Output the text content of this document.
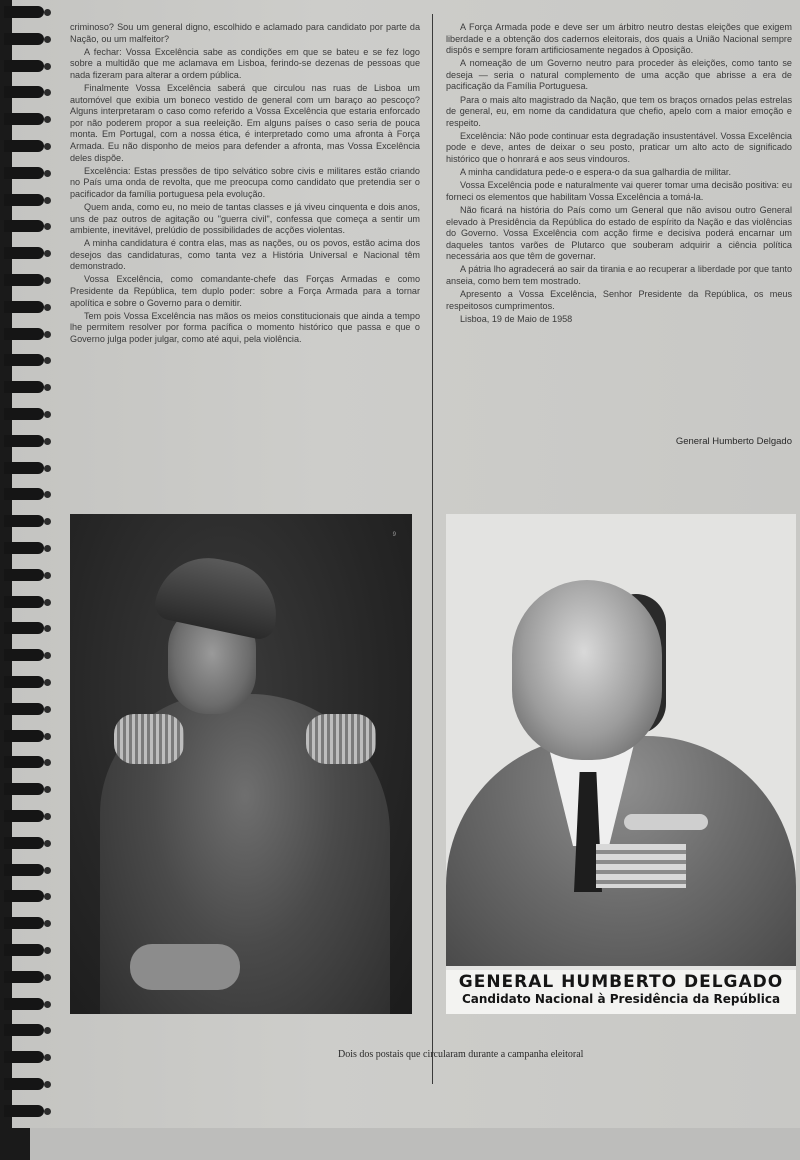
criminoso? Sou um general digno, escolhido e aclamado para candidato por parte da Nação, ou um malfeitor?

A fechar: Vossa Excelência sabe as condições em que se bateu e se fez logo sobre a multidão que me aclamava em Lisboa, ferindo-se dezenas de pessoas que nada fizeram para alterar a ordem pública.

Finalmente Vossa Excelência saberá que circulou nas ruas de Lisboa um automóvel que exibia um boneco vestido de general com um baraço ao pescoço? Alguns interpretaram o caso como referido a Vossa Excelência que estaria enforcado por não poderem propor a sua reeleição. Em alguns países o caso seria de pouca monta. Em Portugal, com a nossa ética, é interpretado como uma afronta à Força Armada. Eu não disponho de meios para defender a afronta, mas Vossa Excelência deles dispõe.

Excelência: Estas pressões de tipo selvático sobre civis e militares estão criando no País uma onda de revolta, que me preocupa como candidato que pretendia ser o pacificador da família portuguesa pela evolução.

Quem anda, como eu, no meio de tantas classes e já viveu cinquenta e dois anos, uns de paz outros de agitação ou "guerra civil", confessa que começa a sentir um ambiente, inevitável, prelúdio de possibilidades de acções violentas.

A minha candidatura é contra elas, mas as nações, ou os povos, estão acima dos desejos das candidaturas, como tanta vez a História Universal e Nacional têm demonstrado.

Vossa Excelência, como comandante-chefe das Forças Armadas e como Presidente da República, tem duplo poder: sobre a Força Armada para a tornar apolítica e sobre o Governo para o demitir.

Tem pois Vossa Excelência nas mãos os meios constitucionais que ainda a tempo lhe permitem resolver por forma pacífica o momento histórico que passa e que o Governo julga poder julgar, como até aqui, pela violência.

A Força Armada pode e deve ser um árbitro neutro destas eleições que exigem liberdade e a obtenção dos cadernos eleitorais, dos quais a União Nacional sempre dispôs e sempre foram artificiosamente negados à Oposição.

A nomeação de um Governo neutro para proceder às eleições, como tanto se deseja — seria o natural complemento de uma acção que abrisse a era de pacificação da Família Portuguesa.

Para o mais alto magistrado da Nação, que tem os braços ornados pelas estrelas de general, eu, em nome da candidatura que chefio, apelo com a maior emoção e respeito.

Excelência: Não pode continuar esta degradação insustentável. Vossa Excelência pode e deve, antes de deixar o seu posto, praticar um alto acto de significado histórico que o honrará e aos seus vindouros.

A minha candidatura pede-o e espera-o da sua galhardia de militar.

Vossa Excelência pode e naturalmente vai querer tomar uma decisão positiva: eu forneci os elementos que habilitam Vossa Excelência a tomá-la.

Não ficará na história do País como um General que não avisou outro General elevado à Presidência da República do estado de espírito da Nação e das violências do Governo. Vossa Excelência com acção firme e decisiva poderá encarnar um daqueles tantos varões de Plutarco que souberam adquirir a ciência política necessária aos que têm de governar.

A pátria lho agradecerá ao sair da tirania e ao recuperar a liberdade por que tanto anseia, como bem tem mostrado.

Apresento a Vossa Excelência, Senhor Presidente da República, os meus respeitosos cumprimentos.

Lisboa, 19 de Maio de 1958

General Humberto Delgado
9
GENERAL HUMBERTO DELGADO
Candidato Nacional à Presidência da República
Dois dos postais que circularam durante a campanha eleitoral
